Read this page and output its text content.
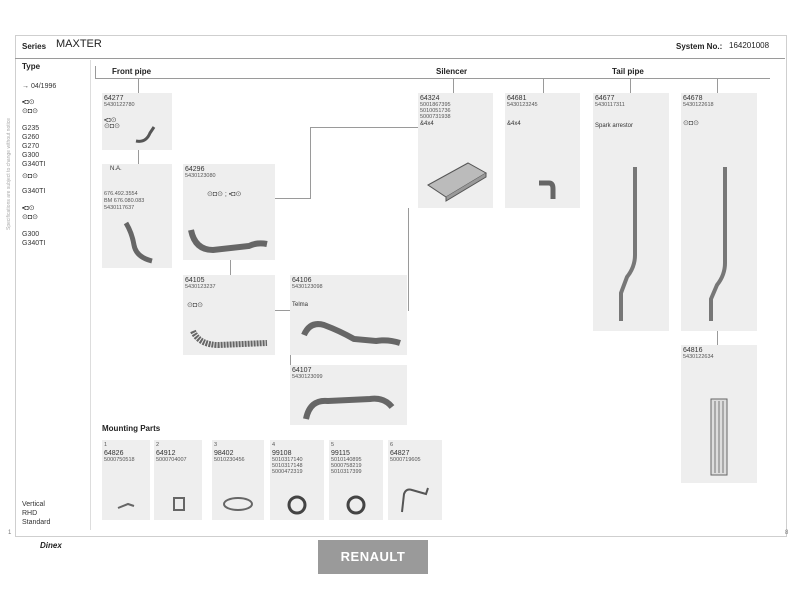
Series MAXTER	System No.: 164201008
Specifications are subject to change without notice
Type
→ 04/1996
▪◘⊙
⊙◘⊙
G235
G260
G270
G300
G340TI
⊙◘⊙
G340TI
▪◘⊙
⊙◘⊙
G300
G340TI
Vertical
RHD
Standard
Front pipe	Silencer	Tail pipe
64277
5430122780
▪◘⊙
⊙◘⊙
N.A.
676.492.3554
BM 676.080.083
5430117637
64296
5430123080
⊙◘⊙ ; ▪◘⊙
64105
5430123237
⊙◘⊙
64106
5430123098
Telma
64107
5430123099
64324
5001867395
5010051736
5000731938
&4x4
64681
5430123245
&4x4
64677
5430117311
Spark arrestor
64678
5430122618
⊙◘⊙
64816
5430122634
Mounting Parts
1
64826
5000750518
2
64912
5000704007
3
98402
5010230456
4
99108
5010317140
5010317148
5000472319
5
99115
5010140895
5000758219
5010317399
6
64827
5000719605
1	8
Dinex
RENAULT
